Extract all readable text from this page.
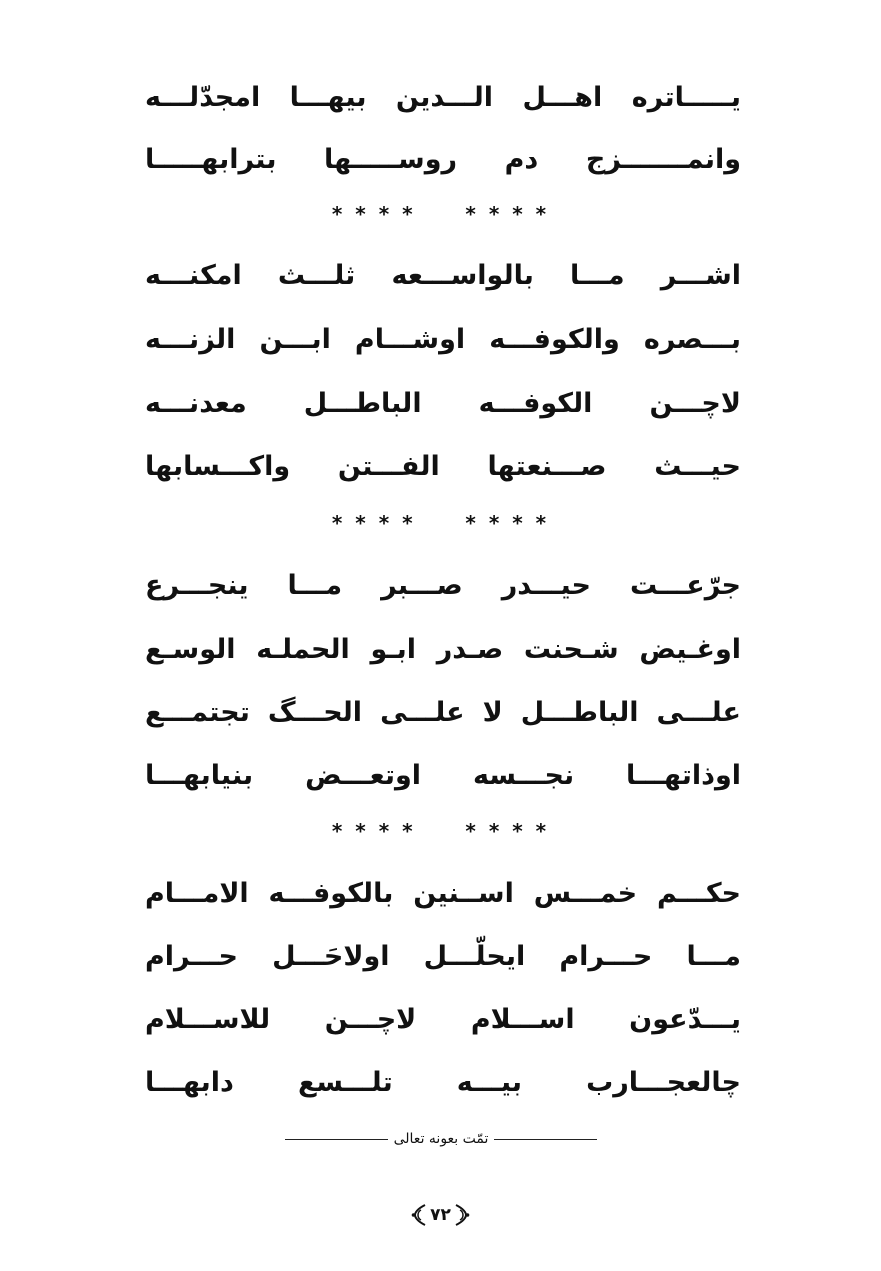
يـــــاتره اهـــل الـــدين بيهـــا امجدّلـــه
وانمـــــــزج دم روســـــها بترابهـــــا
* * * *     * * * *
اشـــر مـــا بالواســـعه ثلـــث امكنـــه
بـــصره والكوفـــه اوشـــام ابـــن الزنـــه
لاچـــن الكوفـــه الباطـــل معدنـــه
حيـــث صـــنعتها الفـــتن واكـــسابها
* * * *     * * * *
جرّعـــت حيـــدر صـــبر مـــا ينجـــرع
اوغـيض شـحنت صـدر ابـو الحملـه الوسـع
علـــى الباطـــل لا علـــى الحـــگ تجتمـــع
اوذاتهـــا نجـــسه اوتعـــض بنيابهـــا
* * * *     * * * *
حكـــم خمـــس اســنين بالكوفـــه الامـــام
مـــا حـــرام ايحلّـــل اولاحَـــل حـــرام
يـــدّعون اســـلام لاچـــن للاســـلام
چالعجـــارب بيـــه تلـــسع دابهـــا
تمّت بعونه تعالى
٧٢
